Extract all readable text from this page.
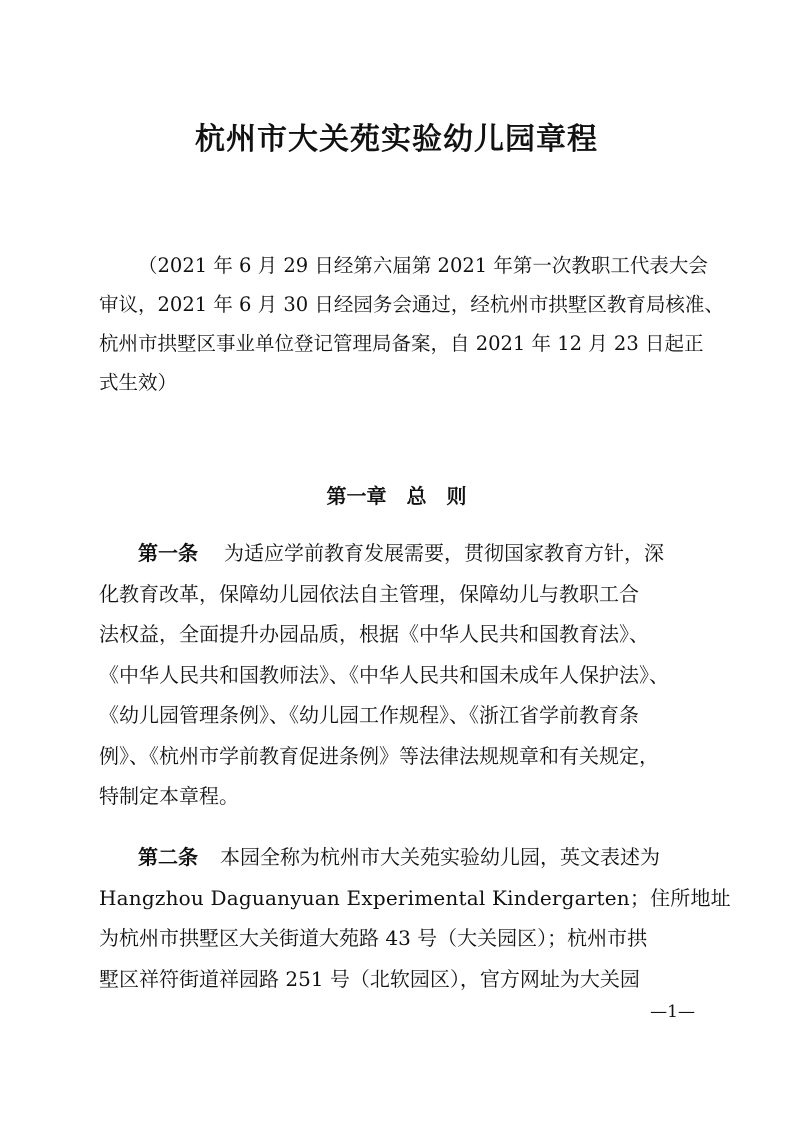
杭州市大关苑实验幼儿园章程

（2021 年 6 月 29 日经第六届第 2021 年第一次教职工代表大会
审议，2021 年 6 月 30 日经园务会通过，经杭州市拱墅区教育局核准、
杭州市拱墅区事业单位登记管理局备案，自 2021 年 12 月 23 日起正
式生效）

第一章　总　则
第一条 为适应学前教育发展需要，贯彻国家教育方针，深
化教育改革，保障幼儿园依法自主管理，保障幼儿与教职工合
法权益，全面提升办园品质，根据《中华人民共和国教育法》、
《中华人民共和国教师法》、《中华人民共和国未成年人保护法》、
《幼儿园管理条例》、《幼儿园工作规程》、《浙江省学前教育条
例》、《杭州市学前教育促进条例》等法律法规规章和有关规定，
特制定本章程。
第二条 本园全称为杭州市大关苑实验幼儿园，英文表述为
Hangzhou Daguanyuan Experimental Kindergarten；住所地址
为杭州市拱墅区大关街道大苑路 43 号（大关园区）；杭州市拱
墅区祥符街道祥园路 251 号（北软园区），官方网址为大关园

—1—
